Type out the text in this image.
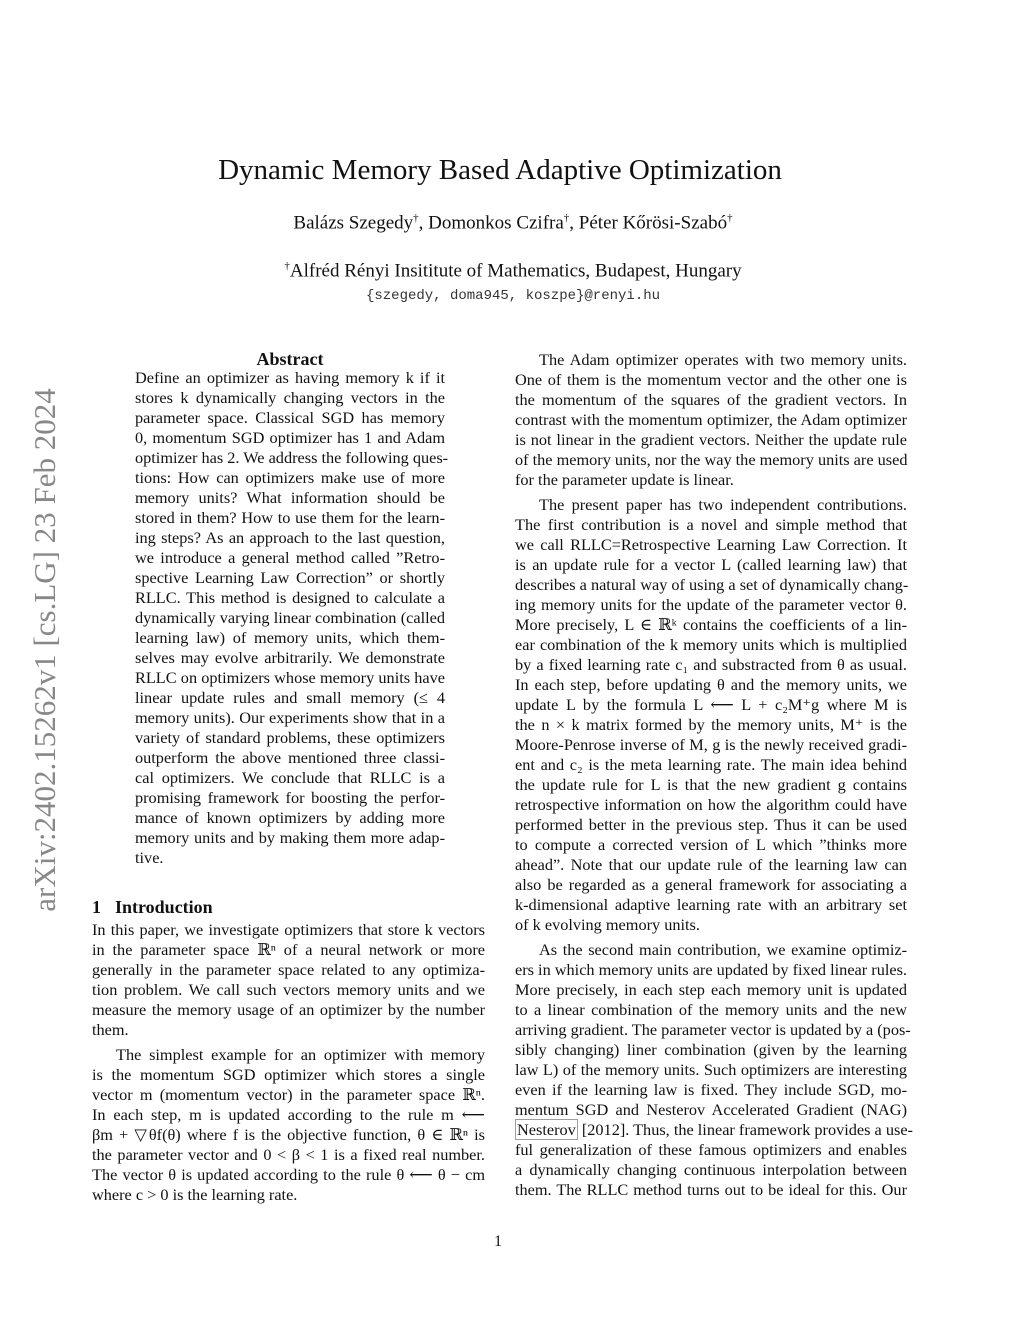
arXiv:2402.15262v1 [cs.LG] 23 Feb 2024
Dynamic Memory Based Adaptive Optimization
Balázs Szegedy†, Domonkos Czifra†, Péter Kőrösi-Szabó†
†Alfréd Rényi Insititute of Mathematics, Budapest, Hungary
{szegedy, doma945, koszpe}@renyi.hu
Abstract
Define an optimizer as having memory k if it
stores k dynamically changing vectors in the
parameter space. Classical SGD has memory
0, momentum SGD optimizer has 1 and Adam
optimizer has 2. We address the following ques-
tions: How can optimizers make use of more
memory units? What information should be
stored in them? How to use them for the learn-
ing steps? As an approach to the last question,
we introduce a general method called ”Retro-
spective Learning Law Correction” or shortly
RLLC. This method is designed to calculate a
dynamically varying linear combination (called
learning law) of memory units, which them-
selves may evolve arbitrarily. We demonstrate
RLLC on optimizers whose memory units have
linear update rules and small memory (≤ 4
memory units). Our experiments show that in a
variety of standard problems, these optimizers
outperform the above mentioned three classi-
cal optimizers. We conclude that RLLC is a
promising framework for boosting the perfor-
mance of known optimizers by adding more
memory units and by making them more adap-
tive.
1 Introduction
In this paper, we investigate optimizers that store k vectors
in the parameter space ℝⁿ of a neural network or more
generally in the parameter space related to any optimiza-
tion problem. We call such vectors memory units and we
measure the memory usage of an optimizer by the number
them.
The simplest example for an optimizer with memory
is the momentum SGD optimizer which stores a single
vector m (momentum vector) in the parameter space ℝⁿ.
In each step, m is updated according to the rule m ⟵
βm + ▽θf(θ) where f is the objective function, θ ∈ ℝⁿ is
the parameter vector and 0 < β < 1 is a fixed real number.
The vector θ is updated according to the rule θ ⟵ θ − cm
where c > 0 is the learning rate.
The Adam optimizer operates with two memory units.
One of them is the momentum vector and the other one is
the momentum of the squares of the gradient vectors. In
contrast with the momentum optimizer, the Adam optimizer
is not linear in the gradient vectors. Neither the update rule
of the memory units, nor the way the memory units are used
for the parameter update is linear.
The present paper has two independent contributions.
The first contribution is a novel and simple method that
we call RLLC=Retrospective Learning Law Correction. It
is an update rule for a vector L (called learning law) that
describes a natural way of using a set of dynamically chang-
ing memory units for the update of the parameter vector θ.
More precisely, L ∈ ℝᵏ contains the coefficients of a lin-
ear combination of the k memory units which is multiplied
by a fixed learning rate c₁ and substracted from θ as usual.
In each step, before updating θ and the memory units, we
update L by the formula L ⟵ L + c₂M⁺g where M is
the n × k matrix formed by the memory units, M⁺ is the
Moore-Penrose inverse of M, g is the newly received gradi-
ent and c₂ is the meta learning rate. The main idea behind
the update rule for L is that the new gradient g contains
retrospective information on how the algorithm could have
performed better in the previous step. Thus it can be used
to compute a corrected version of L which ”thinks more
ahead”. Note that our update rule of the learning law can
also be regarded as a general framework for associating a
k-dimensional adaptive learning rate with an arbitrary set
of k evolving memory units.
As the second main contribution, we examine optimiz-
ers in which memory units are updated by fixed linear rules.
More precisely, in each step each memory unit is updated
to a linear combination of the memory units and the new
arriving gradient. The parameter vector is updated by a (pos-
sibly changing) liner combination (given by the learning
law L) of the memory units. Such optimizers are interesting
even if the learning law is fixed. They include SGD, mo-
mentum SGD and Nesterov Accelerated Gradient (NAG)
Nesterov [2012]. Thus, the linear framework provides a use-
ful generalization of these famous optimizers and enables
a dynamically changing continuous interpolation between
them. The RLLC method turns out to be ideal for this. Our
1
